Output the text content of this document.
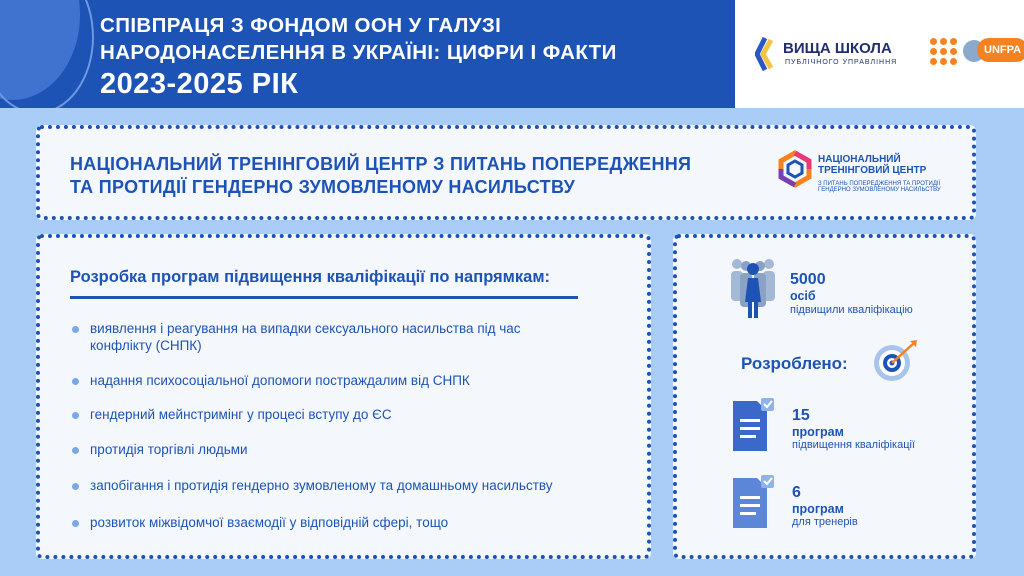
СПІВПРАЦЯ З ФОНДОМ ООН У ГАЛУЗІ
НАРОДОНАСЕЛЕННЯ В УКРАЇНІ: ЦИФРИ І ФАКТИ
2023-2025 РІК
ВИЩА ШКОЛА
ПУБЛІЧНОГО УПРАВЛІННЯ
UNFPA
НАЦІОНАЛЬНИЙ ТРЕНІНГОВИЙ ЦЕНТР З ПИТАНЬ ПОПЕРЕДЖЕННЯ
ТА ПРОТИДІЇ ГЕНДЕРНО ЗУМОВЛЕНОМУ НАСИЛЬСТВУ
НАЦІОНАЛЬНИЙ
ТРЕНІНГОВИЙ ЦЕНТР
З ПИТАНЬ ПОПЕРЕДЖЕННЯ ТА ПРОТИДІЇ
ГЕНДЕРНО ЗУМОВЛЕНОМУ НАСИЛЬСТВУ
Розробка програм підвищення кваліфікації по напрямкам:
виявлення і реагування на випадки сексуального насильства під час
конфлікту (СНПК)
надання психосоціальної допомоги постраждалим від СНПК
гендерний мейнстримінг у процесі вступу до ЄС
протидія торгівлі людьми
запобігання і протидія гендерно зумовленому та домашньому насильству
розвиток міжвідомчої взаємодії у відповідній сфері, тощо
5000
осіб
підвищили кваліфікацію
Розроблено:
15
програм
підвищення кваліфікації
6
програм
для тренерів
